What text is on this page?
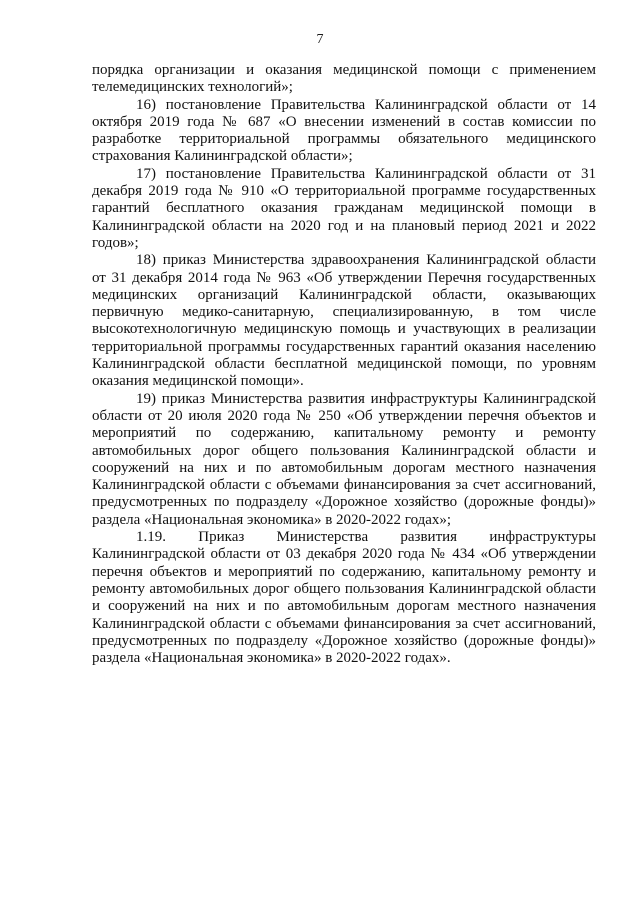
7

порядка организации и оказания медицинской помощи с применением телемедицинских технологий»;

16) постановление Правительства Калининградской области от 14 октября 2019 года № 687 «О внесении изменений в состав комиссии по разработке территориальной программы обязательного медицинского страхования Калининградской области»;

17) постановление Правительства Калининградской области от 31 декабря 2019 года № 910 «О территориальной программе государственных гарантий бесплатного оказания гражданам медицинской помощи в Калининградской области на 2020 год и на плановый период 2021 и 2022 годов»;

18) приказ Министерства здравоохранения Калининградской области от 31 декабря 2014 года № 963 «Об утверждении Перечня государственных медицинских организаций Калининградской области, оказывающих первичную медико-санитарную, специализированную, в том числе высокотехнологичную медицинскую помощь и участвующих в реализации территориальной программы государственных гарантий оказания населению Калининградской области бесплатной медицинской помощи, по уровням оказания медицинской помощи».

19) приказ Министерства развития инфраструктуры Калининградской области от 20 июля 2020 года № 250 «Об утверждении перечня объектов и мероприятий по содержанию, капитальному ремонту и ремонту автомобильных дорог общего пользования Калининградской области и сооружений на них и по автомобильным дорогам местного назначения Калининградской области с объемами финансирования за счет ассигнований, предусмотренных по подразделу «Дорожное хозяйство (дорожные фонды)» раздела «Национальная экономика» в 2020-2022 годах»;

1.19. Приказ Министерства развития инфраструктуры Калининградской области от 03 декабря 2020 года № 434 «Об утверждении перечня объектов и мероприятий по содержанию, капитальному ремонту и ремонту автомобильных дорог общего пользования Калининградской области и сооружений на них и по автомобильным дорогам местного назначения Калининградской области с объемами финансирования за счет ассигнований, предусмотренных по подразделу «Дорожное хозяйство (дорожные фонды)» раздела «Национальная экономика» в 2020-2022 годах».
